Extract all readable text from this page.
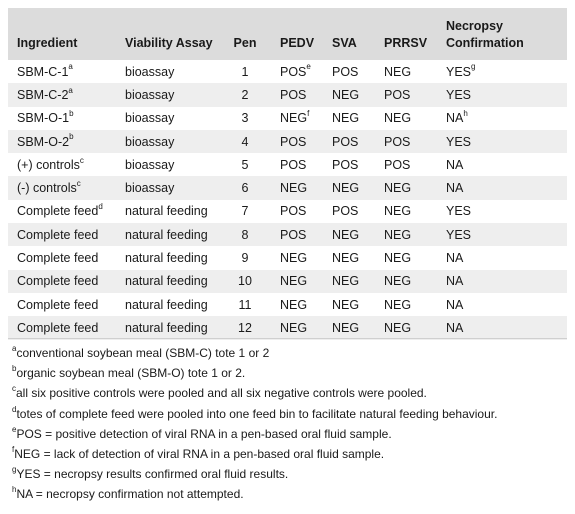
Ingredient	Viability Assay	Pen	PEDV	SVA	PRRSV	Necropsy Confirmation
SBM-C-1$^a$	bioassay	1	POS$^e$	POS	NEG	YES$^g$
SBM-C-2$^a$	bioassay	2	POS	NEG	POS	YES
SBM-O-1$^b$	bioassay	3	NEG$^f$	NEG	NEG	$NA^h$
SBM-O-2$^b$	bioassay	4	POS	POS	POS	YES
(+) controls$^c$	bioassay	5	POS	POS	POS	NA
(-) controls$^c$	bioassay	6	NEG	NEG	NEG	NA
Complete feed$^d$	natural feeding	7	POS	POS	NEG	YES
Complete feed	natural feeding	8	POS	NEG	NEG	YES
Complete feed	natural feeding	9	NEG	NEG	NEG	NA
Complete feed	natural feeding	10	NEG	NEG	NEG	NA
Complete feed	natural feeding	11	NEG	NEG	NEG	NA
Complete feed	natural feeding	12	NEG	NEG	NEG	NA
$^a$conventional soybean meal (SBM-C) tote 1 or 2
$^b$organic soybean meal (SBM-O) tote 1 or 2.
$^c$all six positive controls were pooled and all six negative controls were pooled.
$^d$totes of complete feed were pooled into one feed bin to facilitate natural feeding behaviour.
$^e$POS = positive detection of viral RNA in a pen-based oral fluid sample.
$^f$NEG = lack of detection of viral RNA in a pen-based oral fluid sample.
$^g$YES = necropsy results confirmed oral fluid results.
$^h$NA = necropsy confirmation not attempted.
